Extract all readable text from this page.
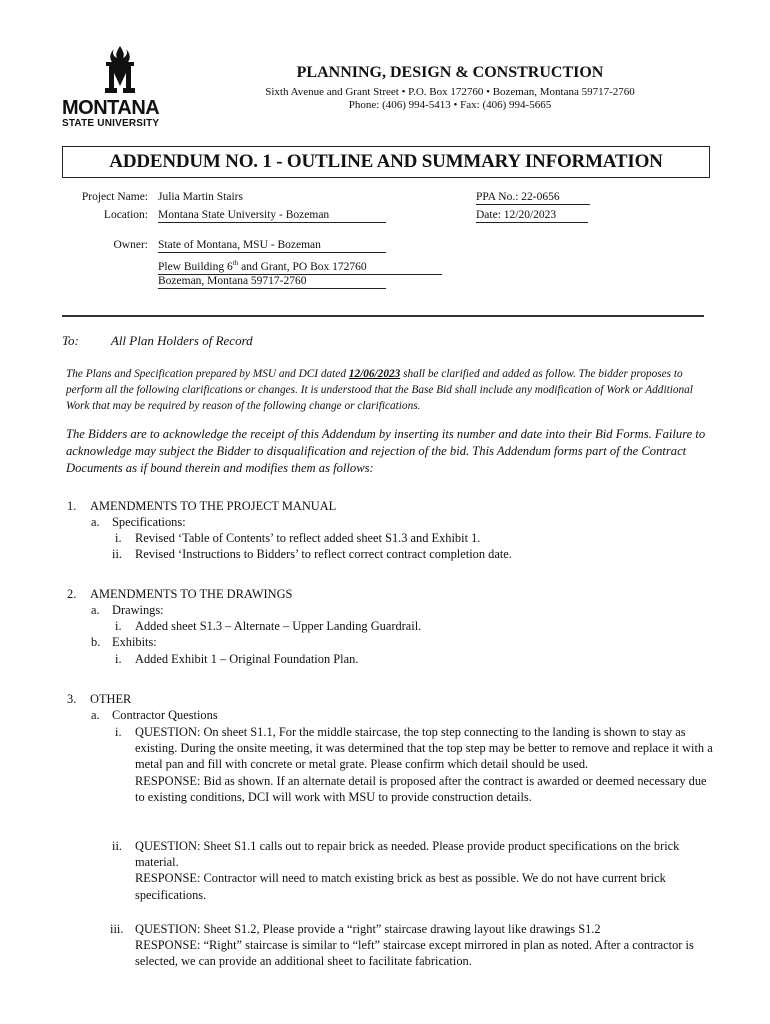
MONTANA
STATE UNIVERSITY
PLANNING, DESIGN & CONSTRUCTION
Sixth Avenue and Grant Street • P.O. Box 172760 • Bozeman, Montana 59717-2760
Phone: (406) 994-5413 • Fax: (406) 994-5665
ADDENDUM NO. 1 - OUTLINE AND SUMMARY INFORMATION
Project Name: Julia Martin Stairs
Location: Montana State University - Bozeman
PPA No.: 22-0656
Date: 12/20/2023
Owner: State of Montana, MSU - Bozeman
Plew Building 6th and Grant, PO Box 172760
Bozeman, Montana 59717-2760
To: All Plan Holders of Record
The Plans and Specification prepared by MSU and DCI dated 12/06/2023 shall be clarified and added as follow. The bidder proposes to perform all the following clarifications or changes. It is understood that the Base Bid shall include any modification of Work or Additional Work that may be required by reason of the following change or clarifications.
The Bidders are to acknowledge the receipt of this Addendum by inserting its number and date into their Bid Forms. Failure to acknowledge may subject the Bidder to disqualification and rejection of the bid. This Addendum forms part of the Contract Documents as if bound therein and modifies them as follows:
1. AMENDMENTS TO THE PROJECT MANUAL
a. Specifications:
i. Revised ‘Table of Contents’ to reflect added sheet S1.3 and Exhibit 1.
ii. Revised ‘Instructions to Bidders’ to reflect correct contract completion date.
2. AMENDMENTS TO THE DRAWINGS
a. Drawings:
i. Added sheet S1.3 – Alternate – Upper Landing Guardrail.
b. Exhibits:
i. Added Exhibit 1 – Original Foundation Plan.
3. OTHER
a. Contractor Questions
i. QUESTION: On sheet S1.1, For the middle staircase, the top step connecting to the landing is shown to stay as existing. During the onsite meeting, it was determined that the top step may be better to remove and replace it with a metal pan and fill with concrete or metal grate. Please confirm which detail should be used.
RESPONSE: Bid as shown. If an alternate detail is proposed after the contract is awarded or deemed necessary due to existing conditions, DCI will work with MSU to provide construction details.
ii. QUESTION: Sheet S1.1 calls out to repair brick as needed. Please provide product specifications on the brick material.
RESPONSE: Contractor will need to match existing brick as best as possible. We do not have current brick specifications.
iii. QUESTION: Sheet S1.2, Please provide a “right” staircase drawing layout like drawings S1.2
RESPONSE: “Right” staircase is similar to “left” staircase except mirrored in plan as noted. After a contractor is selected, we can provide an additional sheet to facilitate fabrication.
